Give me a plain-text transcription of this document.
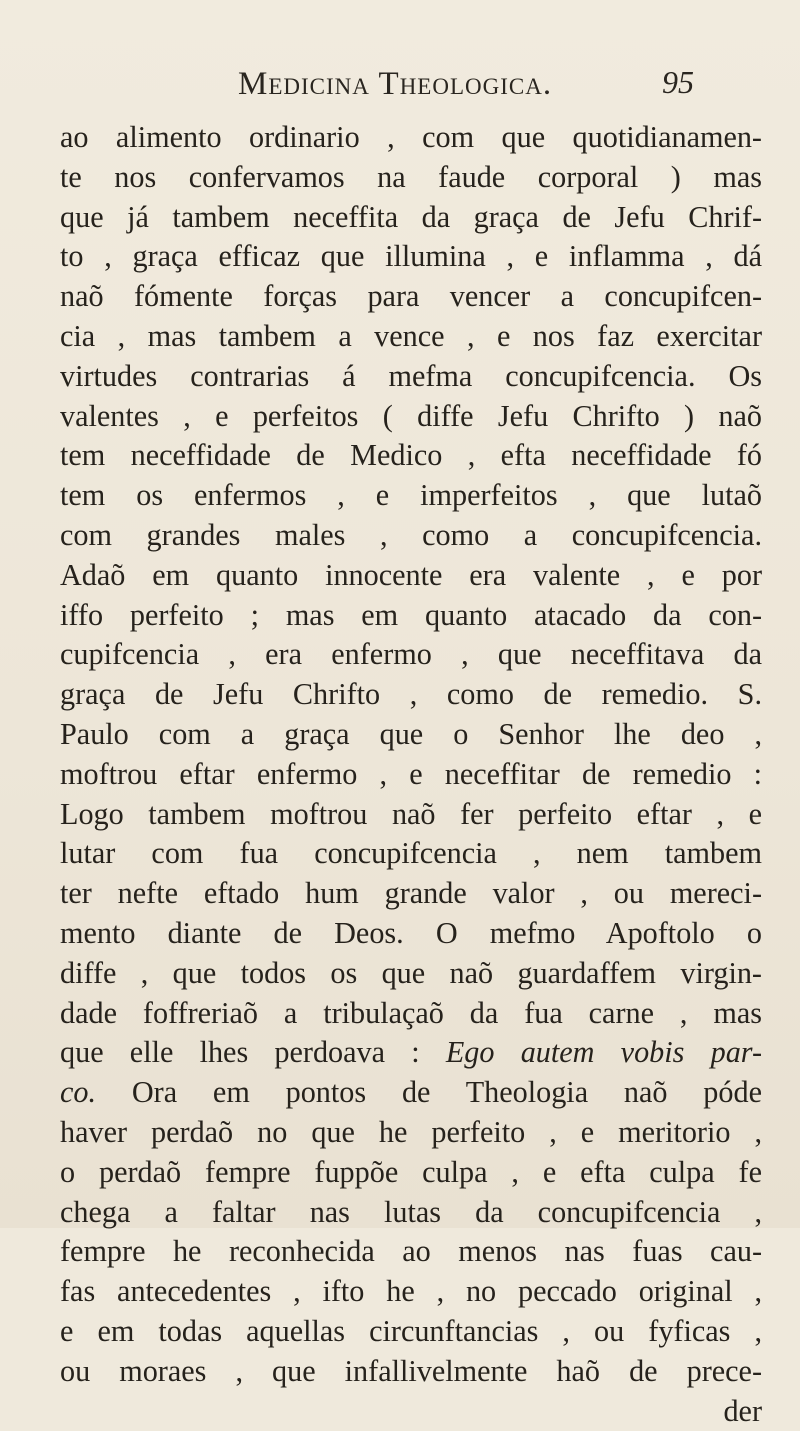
Medicina Theologica.	95
ao alimento ordinario , com que quotidianamen-
te nos confervamos na faude corporal ) mas
que já tambem neceffita da graça de Jefu Chrif-
to , graça efficaz que illumina , e inflamma , dá
naõ fómente forças para vencer a concupifcen-
cia , mas tambem a vence , e nos faz exercitar
virtudes contrarias á mefma concupifcencia. Os
valentes , e perfeitos ( diffe Jefu Chrifto ) naõ
tem neceffidade de Medico , efta neceffidade fó
tem os enfermos , e imperfeitos , que lutaõ
com grandes males , como a concupifcencia.
Adaõ em quanto innocente era valente , e por
iffo perfeito ; mas em quanto atacado da con-
cupifcencia , era enfermo , que neceffitava da
graça de Jefu Chrifto , como de remedio. S.
Paulo com a graça que o Senhor lhe deo ,
moftrou eftar enfermo , e neceffitar de remedio :
Logo tambem moftrou naõ fer perfeito eftar , e
lutar com fua concupifcencia , nem tambem
ter nefte eftado hum grande valor , ou mereci-
mento diante de Deos. O mefmo Apoftolo o
diffe , que todos os que naõ guardaffem virgin-
dade foffreriaõ a tribulaçaõ da fua carne , mas
que elle lhes perdoava : Ego autem vobis par-
co. Ora em pontos de Theologia naõ póde
haver perdaõ no que he perfeito , e meritorio ,
o perdaõ fempre fuppõe culpa , e efta culpa fe
chega a faltar nas lutas da concupifcencia ,
fempre he reconhecida ao menos nas fuas cau-
fas antecedentes , ifto he , no peccado original ,
e em todas aquellas circunftancias , ou fyficas ,
ou moraes , que infallivelmente haõ de prece-
der
